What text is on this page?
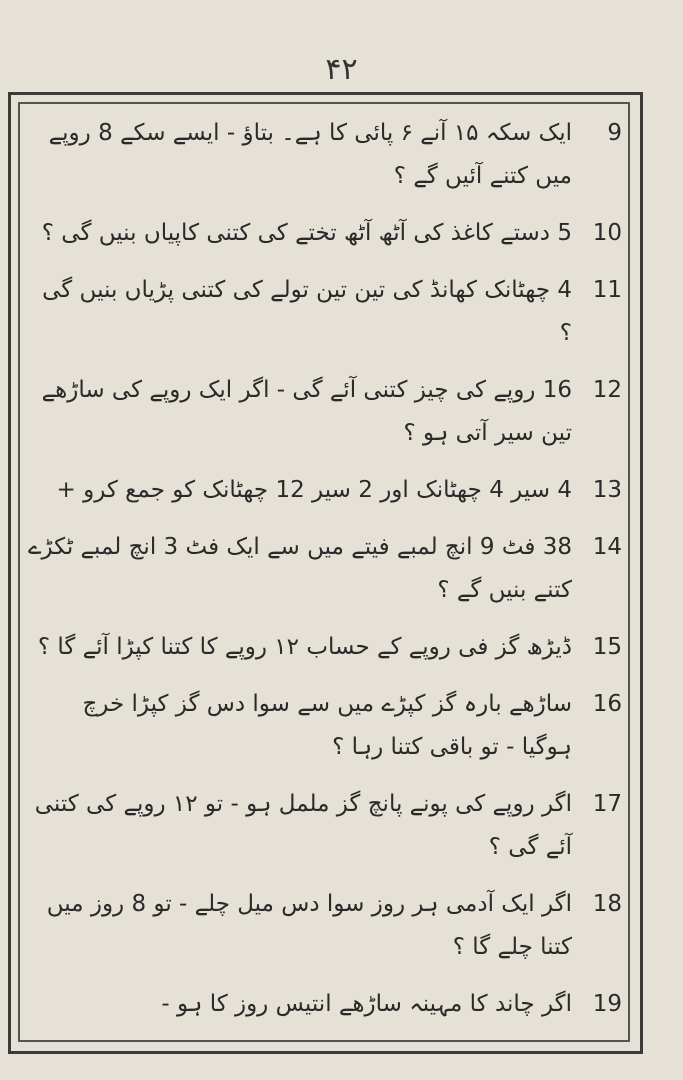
۴۲
9
ایک سکہ ۱۵ آنے ۶ پائی کا ہے۔ بتاؤ - ایسے سکے 8 روپے میں کتنے آئیں گے ؟
10
5 دستے کاغذ کی آٹھ آٹھ تختے کی کتنی کاپیاں بنیں گی ؟
11
4 چھٹانک کھانڈ کی تین تین تولے کی کتنی پڑیاں بنیں گی ؟
12
16 روپے کی چیز کتنی آئے گی - اگر ایک روپے کی ساڑھے تین سیر آتی ہو ؟
13
4 سیر 4 چھٹانک اور 2 سیر 12 چھٹانک کو جمع کرو +
14
38 فٹ 9 انچ لمبے فیتے میں سے ایک فٹ 3 انچ لمبے ٹکڑے کتنے بنیں گے ؟
15
ڈیڑھ گز فی روپے کے حساب ۱۲ روپے کا کتنا کپڑا آئے گا ؟
16
ساڑھے بارہ گز کپڑے میں سے سوا دس گز کپڑا خرچ ہوگیا - تو باقی کتنا رہا ؟
17
اگر روپے کی پونے پانچ گز ململ ہو - تو ۱۲ روپے کی کتنی آئے گی ؟
18
اگر ایک آدمی ہر روز سوا دس میل چلے - تو 8 روز میں کتنا چلے گا ؟
19
اگر چاند کا مہینہ ساڑھے انتیس روز کا ہو -
